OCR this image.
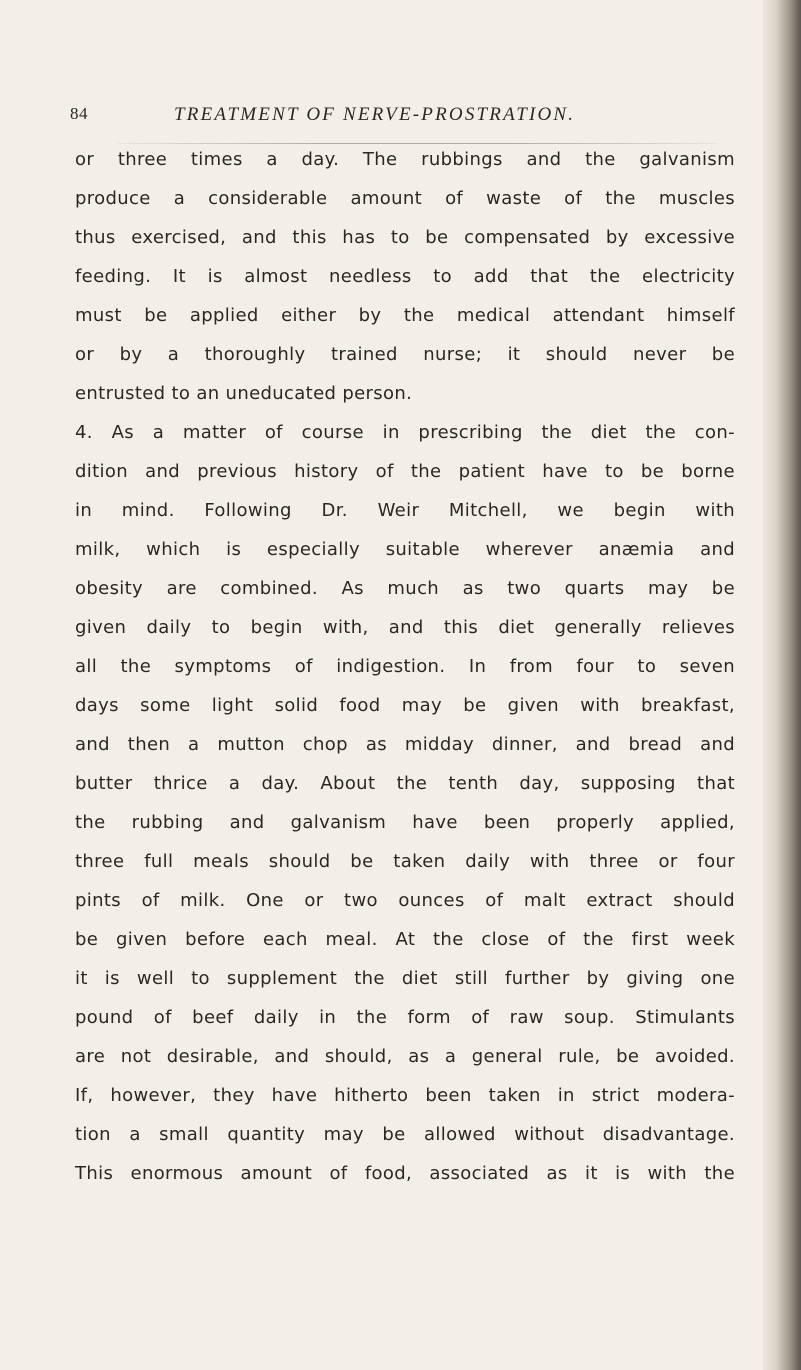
84	TREATMENT OF NERVE-PROSTRATION.
or three times a day. The rubbings and the galvanism
produce a considerable amount of waste of the muscles
thus exercised, and this has to be compensated by excessive
feeding. It is almost needless to add that the electricity
must be applied either by the medical attendant himself
or by a thoroughly trained nurse; it should never be
entrusted to an uneducated person.
4. As a matter of course in prescribing the diet the con-
dition and previous history of the patient have to be borne
in mind. Following Dr. Weir Mitchell, we begin with
milk, which is especially suitable wherever anæmia and
obesity are combined. As much as two quarts may be
given daily to begin with, and this diet generally relieves
all the symptoms of indigestion. In from four to seven
days some light solid food may be given with breakfast,
and then a mutton chop as midday dinner, and bread and
butter thrice a day. About the tenth day, supposing that
the rubbing and galvanism have been properly applied,
three full meals should be taken daily with three or four
pints of milk. One or two ounces of malt extract should
be given before each meal. At the close of the first week
it is well to supplement the diet still further by giving one
pound of beef daily in the form of raw soup. Stimulants
are not desirable, and should, as a general rule, be avoided.
If, however, they have hitherto been taken in strict modera-
tion a small quantity may be allowed without disadvantage.
This enormous amount of food, associated as it is with the
